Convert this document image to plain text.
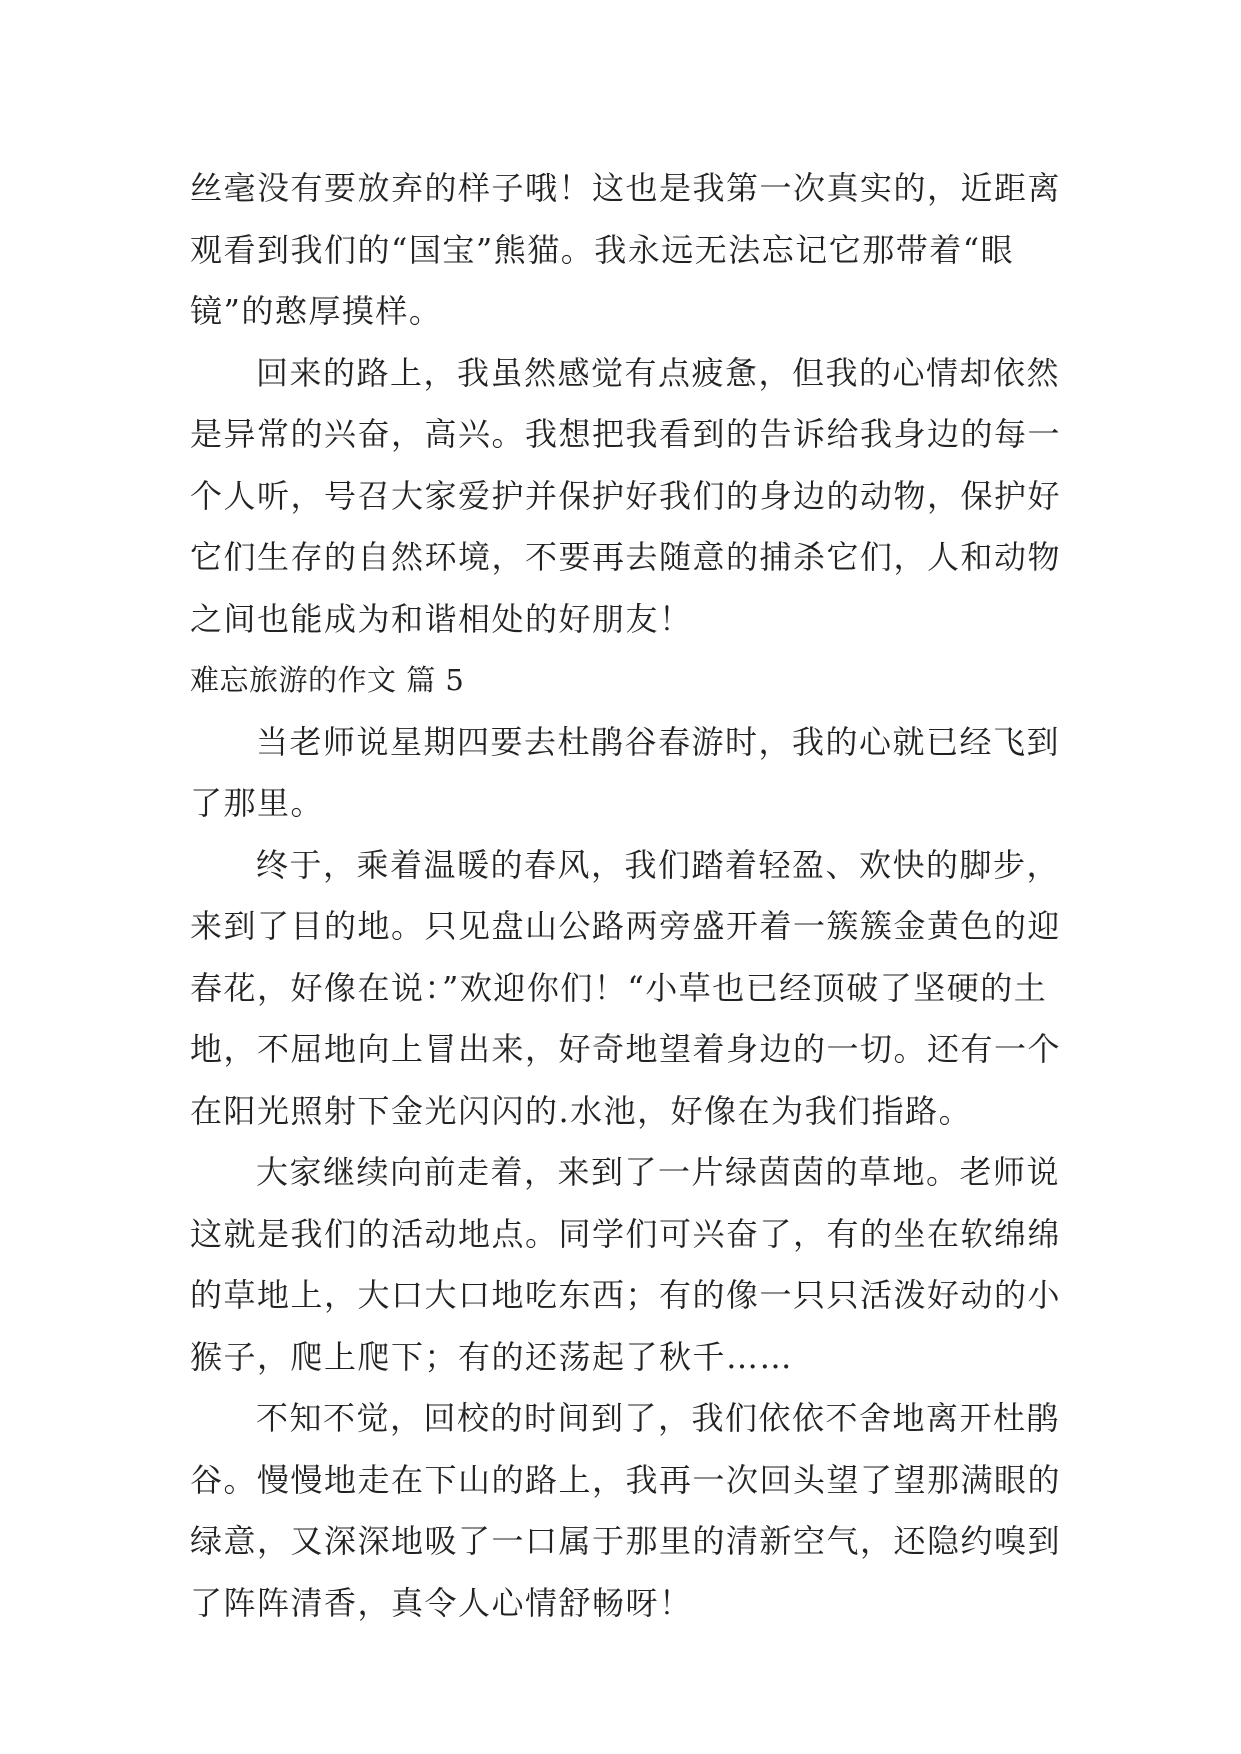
丝毫没有要放弃的样子哦！这也是我第一次真实的，近距离
观看到我们的“国宝”熊猫。我永远无法忘记它那带着“眼
镜”的憨厚摸样。
回来的路上，我虽然感觉有点疲惫，但我的心情却依然
是异常的兴奋，高兴。我想把我看到的告诉给我身边的每一
个人听，号召大家爱护并保护好我们的身边的动物，保护好
它们生存的自然环境，不要再去随意的捕杀它们，人和动物
之间也能成为和谐相处的好朋友！
难忘旅游的作文 篇 5
当老师说星期四要去杜鹃谷春游时，我的心就已经飞到
了那里。
终于，乘着温暖的春风，我们踏着轻盈、欢快的脚步，
来到了目的地。只见盘山公路两旁盛开着一簇簇金黄色的迎
春花，好像在说：”欢迎你们！“小草也已经顶破了坚硬的土
地，不屈地向上冒出来，好奇地望着身边的一切。还有一个
在阳光照射下金光闪闪的.水池，好像在为我们指路。
大家继续向前走着，来到了一片绿茵茵的草地。老师说
这就是我们的活动地点。同学们可兴奋了，有的坐在软绵绵
的草地上，大口大口地吃东西；有的像一只只活泼好动的小
猴子，爬上爬下；有的还荡起了秋千……
不知不觉，回校的时间到了，我们依依不舍地离开杜鹃
谷。慢慢地走在下山的路上，我再一次回头望了望那满眼的
绿意，又深深地吸了一口属于那里的清新空气，还隐约嗅到
了阵阵清香，真令人心情舒畅呀！
